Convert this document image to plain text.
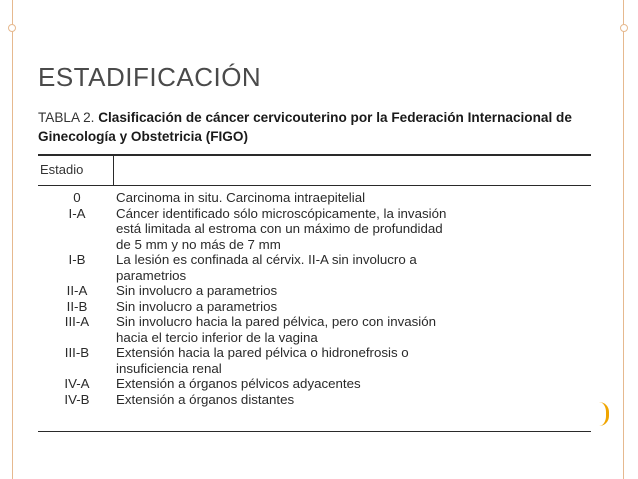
ESTADIFICACIÓN

TABLA 2. Clasificación de cáncer cervicouterino por la Federación Internacional de Ginecología y Obstetricia (FIGO)

Estadio
0	Carcinoma in situ. Carcinoma intraepitelial
I-A	Cáncer identificado sólo microscópicamente, la invasión
está limitada al estroma con un máximo de profundidad
de 5 mm y no más de 7 mm
I-B	La lesión es confinada al cérvix. II-A sin involucro a
parametrios
II-A	Sin involucro a parametrios
II-B	Sin involucro a parametrios
III-A	Sin involucro hacia la pared pélvica, pero con invasión
hacia el tercio inferior de la vagina
III-B	Extensión hacia la pared pélvica o hidronefrosis o
insuficiencia renal
IV-A	Extensión a órganos pélvicos adyacentes
IV-B	Extensión a órganos distantes
